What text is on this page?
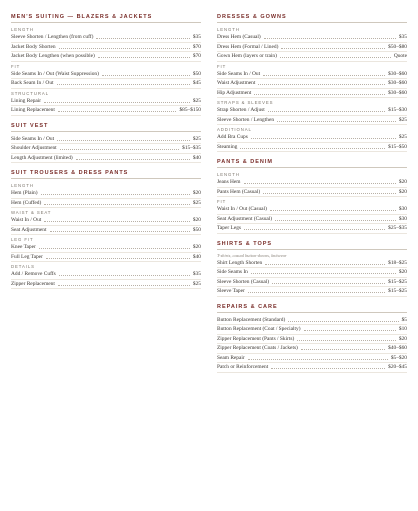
MEN'S SUITING — BLAZERS & JACKETS
LENGTH
Sleeve Shorten / Lengthen (from cuff)	$35
Jacket Body Shorten	$70
Jacket Body Lengthen (when possible)	$70
FIT
Side Seams In / Out (Waist Suppression)	$50
Back Seam In / Out	$45
STRUCTURAL
Lining Repair	$25
Lining Replacement	$85–$150
SUIT VEST
Side Seams In / Out	$25
Shoulder Adjustment	$15–$35
Length Adjustment (limited)	$40
SUIT TROUSERS & DRESS PANTS
LENGTH
Hem (Plain)	$20
Hem (Cuffed)	$25
WAIST & SEAT
Waist In / Out	$20
Seat Adjustment	$50
LEG FIT
Knee Taper	$20
Full Leg Taper	$40
DETAILS
Add / Remove Cuffs	$35
Zipper Replacement	$25
DRESSES & GOWNS
LENGTH
Dress Hem (Casual)	$35
Dress Hem (Formal / Lined)	$50–$80
Gown Hem (layers or train)	Quote
FIT
Side Seams In / Out	$30–$60
Waist Adjustment	$30–$60
Hip Adjustment	$30–$60
STRAPS & SLEEVES
Strap Shorten / Adjust	$15–$30
Sleeve Shorten / Lengthen	$25
ADDITIONAL
Add Bra Cups	$25
Steaming	$15–$50
PANTS & DENIM
LENGTH
Jeans Hem	$20
Pants Hem (Casual)	$20
FIT
Waist In / Out (Casual)	$30
Seat Adjustment (Casual)	$30
Taper Legs	$25–$35
SHIRTS & TOPS
T-shirts, casual button-downs, knitwear
Shirt Length Shorten	$18–$25
Side Seams In	$20
Sleeve Shorten (Casual)	$15–$25
Sleeve Taper	$15–$25
REPAIRS & CARE
Button Replacement (Standard)	$5
Button Replacement (Coat / Specialty)	$10
Zipper Replacement (Pants / Skirts)	$20
Zipper Replacement (Coats / Jackets)	$40–$60
Seam Repair	$5–$20
Patch or Reinforcement	$20–$45
